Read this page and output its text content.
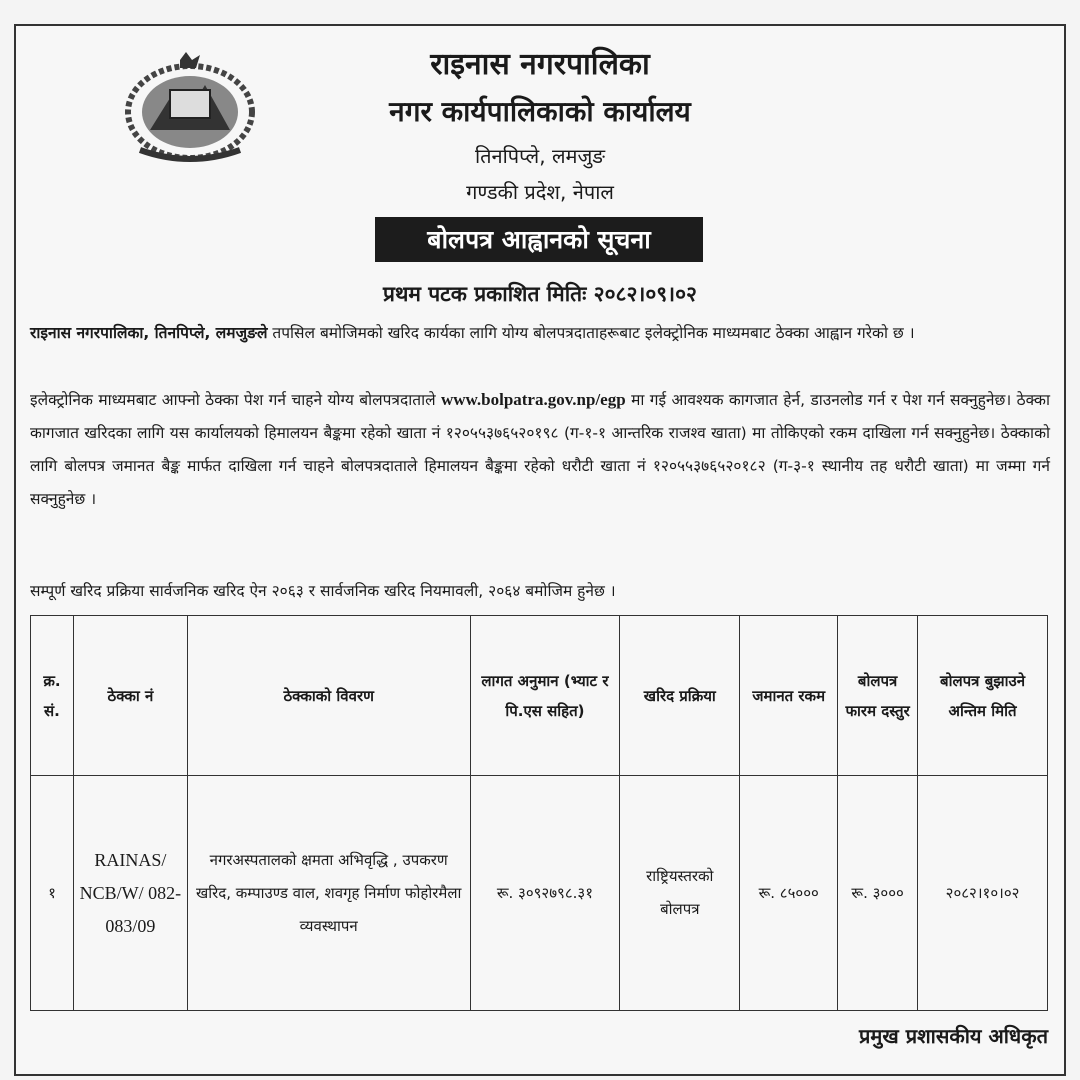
राइनास नगरपालिका
नगर कार्यपालिकाको कार्यालय
तिनपिप्ले, लमजुङ
गण्डकी प्रदेश, नेपाल
बोलपत्र आह्वानको सूचना
प्रथम पटक प्रकाशित मितिः २०८२।०९।०२
राइनास नगरपालिका, तिनपिप्ले, लमजुङले तपसिल बमोजिमको खरिद कार्यका लागि योग्य बोलपत्रदाताहरूबाट इलेक्ट्रोनिक माध्यमबाट ठेक्का आह्वान गरेको छ ।
इलेक्ट्रोनिक माध्यमबाट आफ्नो ठेक्का पेश गर्न चाहने योग्य बोलपत्रदाताले www.bolpatra.gov.np/egp मा गई आवश्यक कागजात हेर्न, डाउनलोड गर्न र पेश गर्न सक्नुहुनेछ। ठेक्का कागजात खरिदका लागि यस कार्यालयको हिमालयन बैङ्कमा रहेको खाता नं १२०५५३७६५२०१९८ (ग-१-१ आन्तरिक राजश्व खाता) मा तोकिएको रकम दाखिला गर्न सक्नुहुनेछ। ठेक्काको लागि बोलपत्र जमानत बैङ्क मार्फत दाखिला गर्न चाहने बोलपत्रदाताले हिमालयन बैङ्कमा रहेको धरौटी खाता नं १२०५५३७६५२०१८२ (ग-३-१ स्थानीय तह धरौटी खाता) मा जम्मा गर्न सक्नुहुनेछ ।
सम्पूर्ण खरिद प्रक्रिया सार्वजनिक खरिद ऐन २०६३ र सार्वजनिक खरिद नियमावली, २०६४ बमोजिम हुनेछ ।
क्र. सं.	ठेक्का नं	ठेक्काको विवरण	लागत अनुमान (भ्याट र पि.एस सहित)	खरिद प्रक्रिया	जमानत रकम	बोलपत्र फारम दस्तुर	बोलपत्र बुझाउने अन्तिम मिति
१	RAINAS/ NCB/W/ 082- 083/09	नगरअस्पतालको क्षमता अभिवृद्धि , उपकरण खरिद, कम्पाउण्ड वाल, शवगृह निर्माण फोहोरमैला व्यवस्थापन	रू. ३०९२७९८.३१	राष्ट्रियस्तरको बोलपत्र	रू. ८५०००	रू. ३०००	२०८२।१०।०२
प्रमुख प्रशासकीय अधिकृत
